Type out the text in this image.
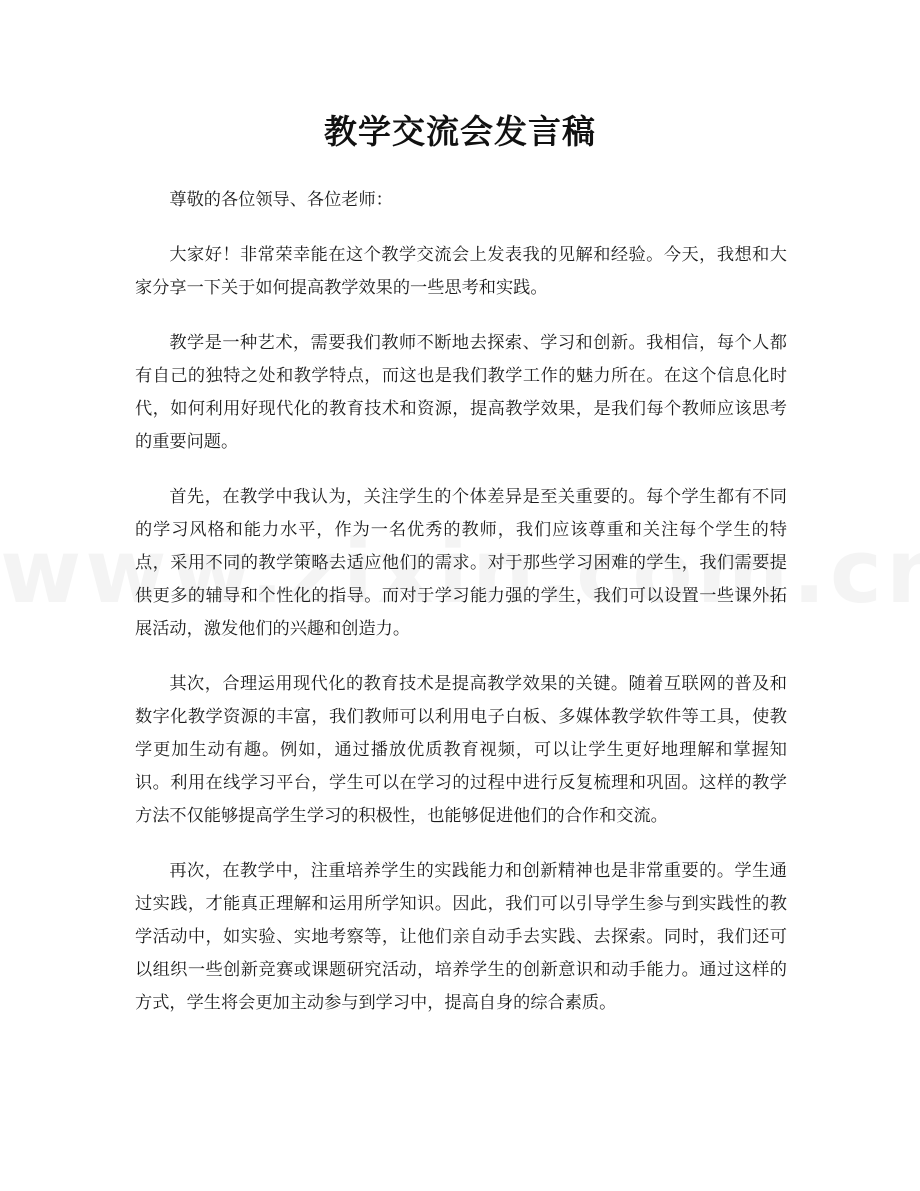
教学交流会发言稿

尊敬的各位领导、各位老师：

大家好！非常荣幸能在这个教学交流会上发表我的见解和经验。今天，我想和大家分享一下关于如何提高教学效果的一些思考和实践。

教学是一种艺术，需要我们教师不断地去探索、学习和创新。我相信，每个人都有自己的独特之处和教学特点，而这也是我们教学工作的魅力所在。在这个信息化时代，如何利用好现代化的教育技术和资源，提高教学效果，是我们每个教师应该思考的重要问题。

首先，在教学中我认为，关注学生的个体差异是至关重要的。每个学生都有不同的学习风格和能力水平，作为一名优秀的教师，我们应该尊重和关注每个学生的特点，采用不同的教学策略去适应他们的需求。对于那些学习困难的学生，我们需要提供更多的辅导和个性化的指导。而对于学习能力强的学生，我们可以设置一些课外拓展活动，激发他们的兴趣和创造力。

其次，合理运用现代化的教育技术是提高教学效果的关键。随着互联网的普及和数字化教学资源的丰富，我们教师可以利用电子白板、多媒体教学软件等工具，使教学更加生动有趣。例如，通过播放优质教育视频，可以让学生更好地理解和掌握知识。利用在线学习平台，学生可以在学习的过程中进行反复梳理和巩固。这样的教学方法不仅能够提高学生学习的积极性，也能够促进他们的合作和交流。

再次，在教学中，注重培养学生的实践能力和创新精神也是非常重要的。学生通过实践，才能真正理解和运用所学知识。因此，我们可以引导学生参与到实践性的教学活动中，如实验、实地考察等，让他们亲自动手去实践、去探索。同时，我们还可以组织一些创新竞赛或课题研究活动，培养学生的创新意识和动手能力。通过这样的方式，学生将会更加主动参与到学习中，提高自身的综合素质。
